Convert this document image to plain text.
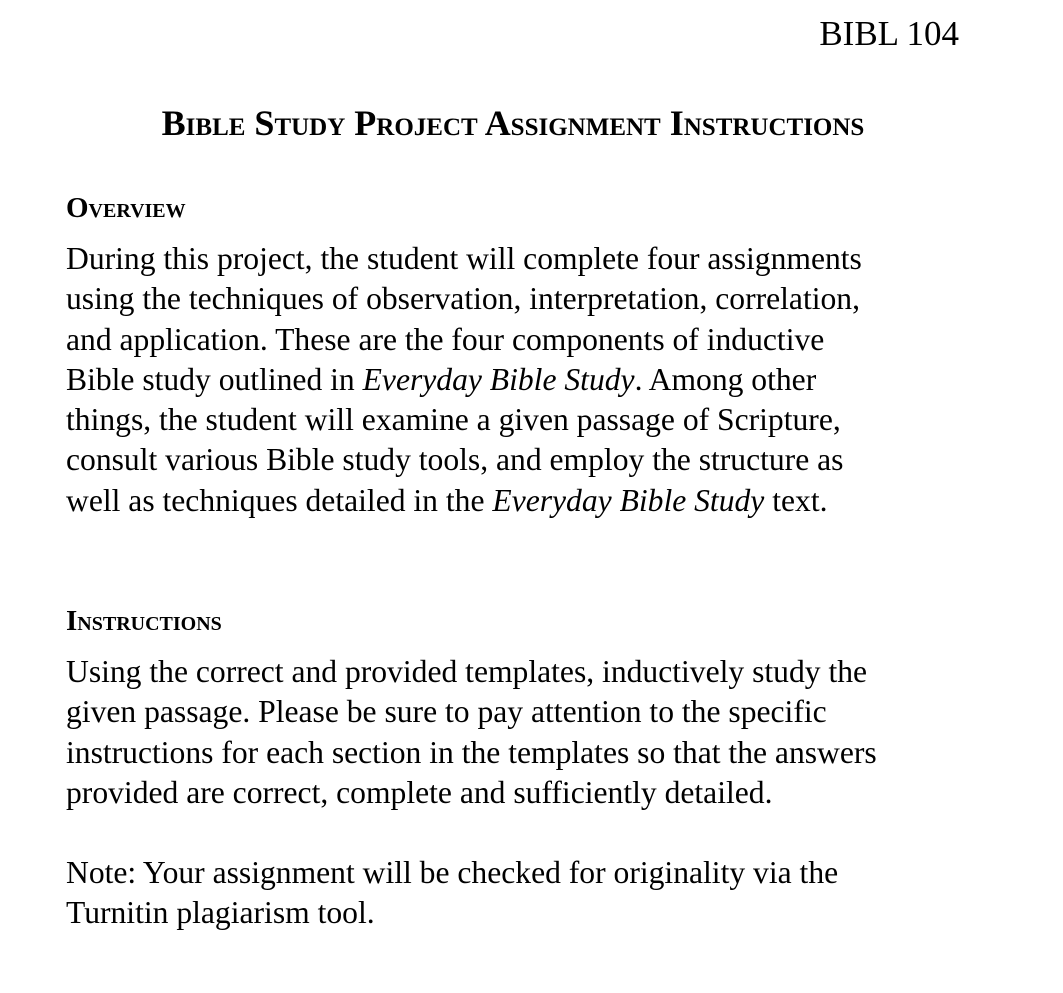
BIBL 104

Bible Study Project Assignment Instructions
Overview

During this project, the student will complete four assignments
using the techniques of observation, interpretation, correlation,
and application. These are the four components of inductive
Bible study outlined in Everyday Bible Study. Among other
things, the student will examine a given passage of Scripture,
consult various Bible study tools, and employ the structure as
well as techniques detailed in the Everyday Bible Study text.

Instructions

Using the correct and provided templates, inductively study the
given passage. Please be sure to pay attention to the specific
instructions for each section in the templates so that the answers
provided are correct, complete and sufficiently detailed.

Note: Your assignment will be checked for originality via the
Turnitin plagiarism tool.
